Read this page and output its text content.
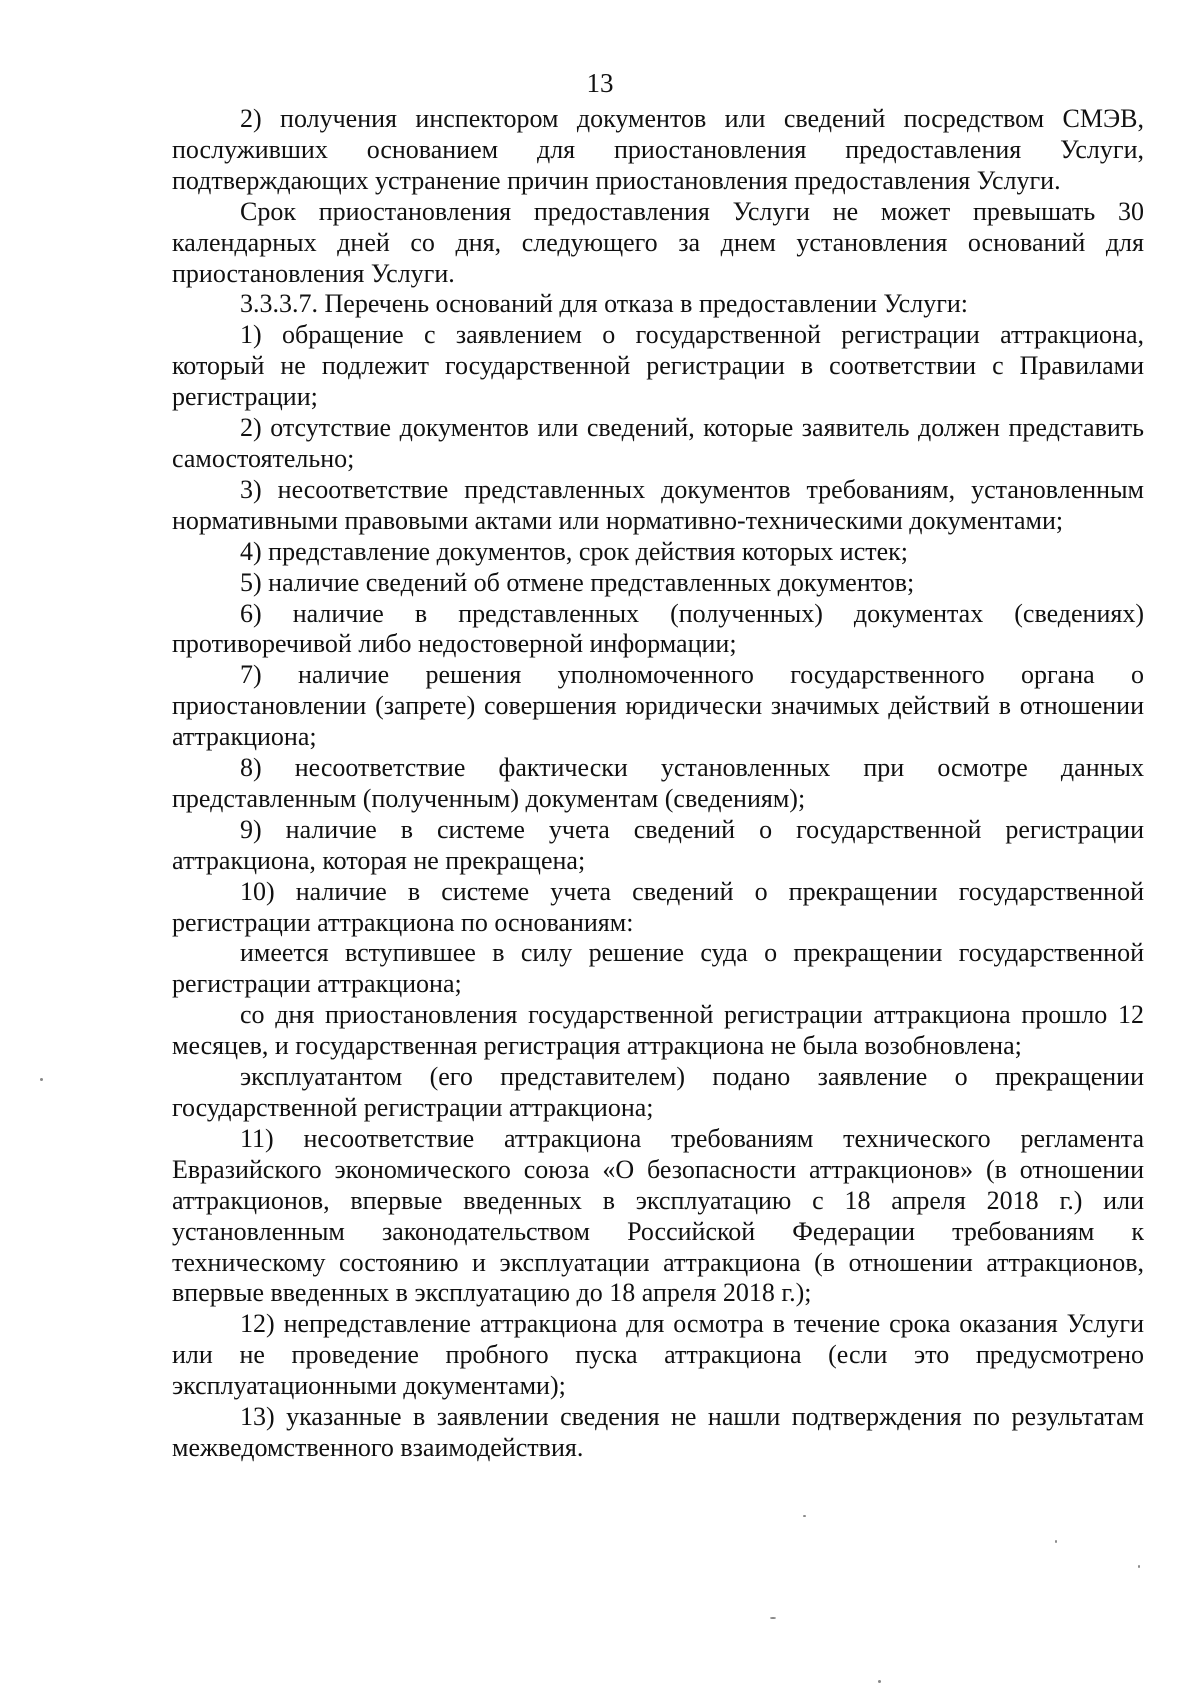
13

2) получения инспектором документов или сведений посредством СМЭВ, послуживших основанием для приостановления предоставления Услуги, подтверждающих устранение причин приостановления предоставления Услуги.

Срок приостановления предоставления Услуги не может превышать 30 календарных дней со дня, следующего за днем установления оснований для приостановления Услуги.

3.3.3.7. Перечень оснований для отказа в предоставлении Услуги:

1) обращение с заявлением о государственной регистрации аттракциона, который не подлежит государственной регистрации в соответствии с Правилами регистрации;

2) отсутствие документов или сведений, которые заявитель должен представить самостоятельно;

3) несоответствие представленных документов требованиям, установленным нормативными правовыми актами или нормативно-техническими документами;

4) представление документов, срок действия которых истек;

5) наличие сведений об отмене представленных документов;

6) наличие в представленных (полученных) документах (сведениях) противоречивой либо недостоверной информации;

7) наличие решения уполномоченного государственного органа о приостановлении (запрете) совершения юридически значимых действий в отношении аттракциона;

8) несоответствие фактически установленных при осмотре данных представленным (полученным) документам (сведениям);

9) наличие в системе учета сведений о государственной регистрации аттракциона, которая не прекращена;

10) наличие в системе учета сведений о прекращении государственной регистрации аттракциона по основаниям:

имеется вступившее в силу решение суда о прекращении государственной регистрации аттракциона;

со дня приостановления государственной регистрации аттракциона прошло 12 месяцев, и государственная регистрация аттракциона не была возобновлена;

эксплуатантом (его представителем) подано заявление о прекращении государственной регистрации аттракциона;

11) несоответствие аттракциона требованиям технического регламента Евразийского экономического союза «О безопасности аттракционов» (в отношении аттракционов, впервые введенных в эксплуатацию с 18 апреля 2018 г.) или установленным законодательством Российской Федерации требованиям к техническому состоянию и эксплуатации аттракциона (в отношении аттракционов, впервые введенных в эксплуатацию до 18 апреля 2018 г.);

12) непредставление аттракциона для осмотра в течение срока оказания Услуги или не проведение пробного пуска аттракциона (если это предусмотрено эксплуатационными документами);

13) указанные в заявлении сведения не нашли подтверждения по результатам межведомственного взаимодействия.
